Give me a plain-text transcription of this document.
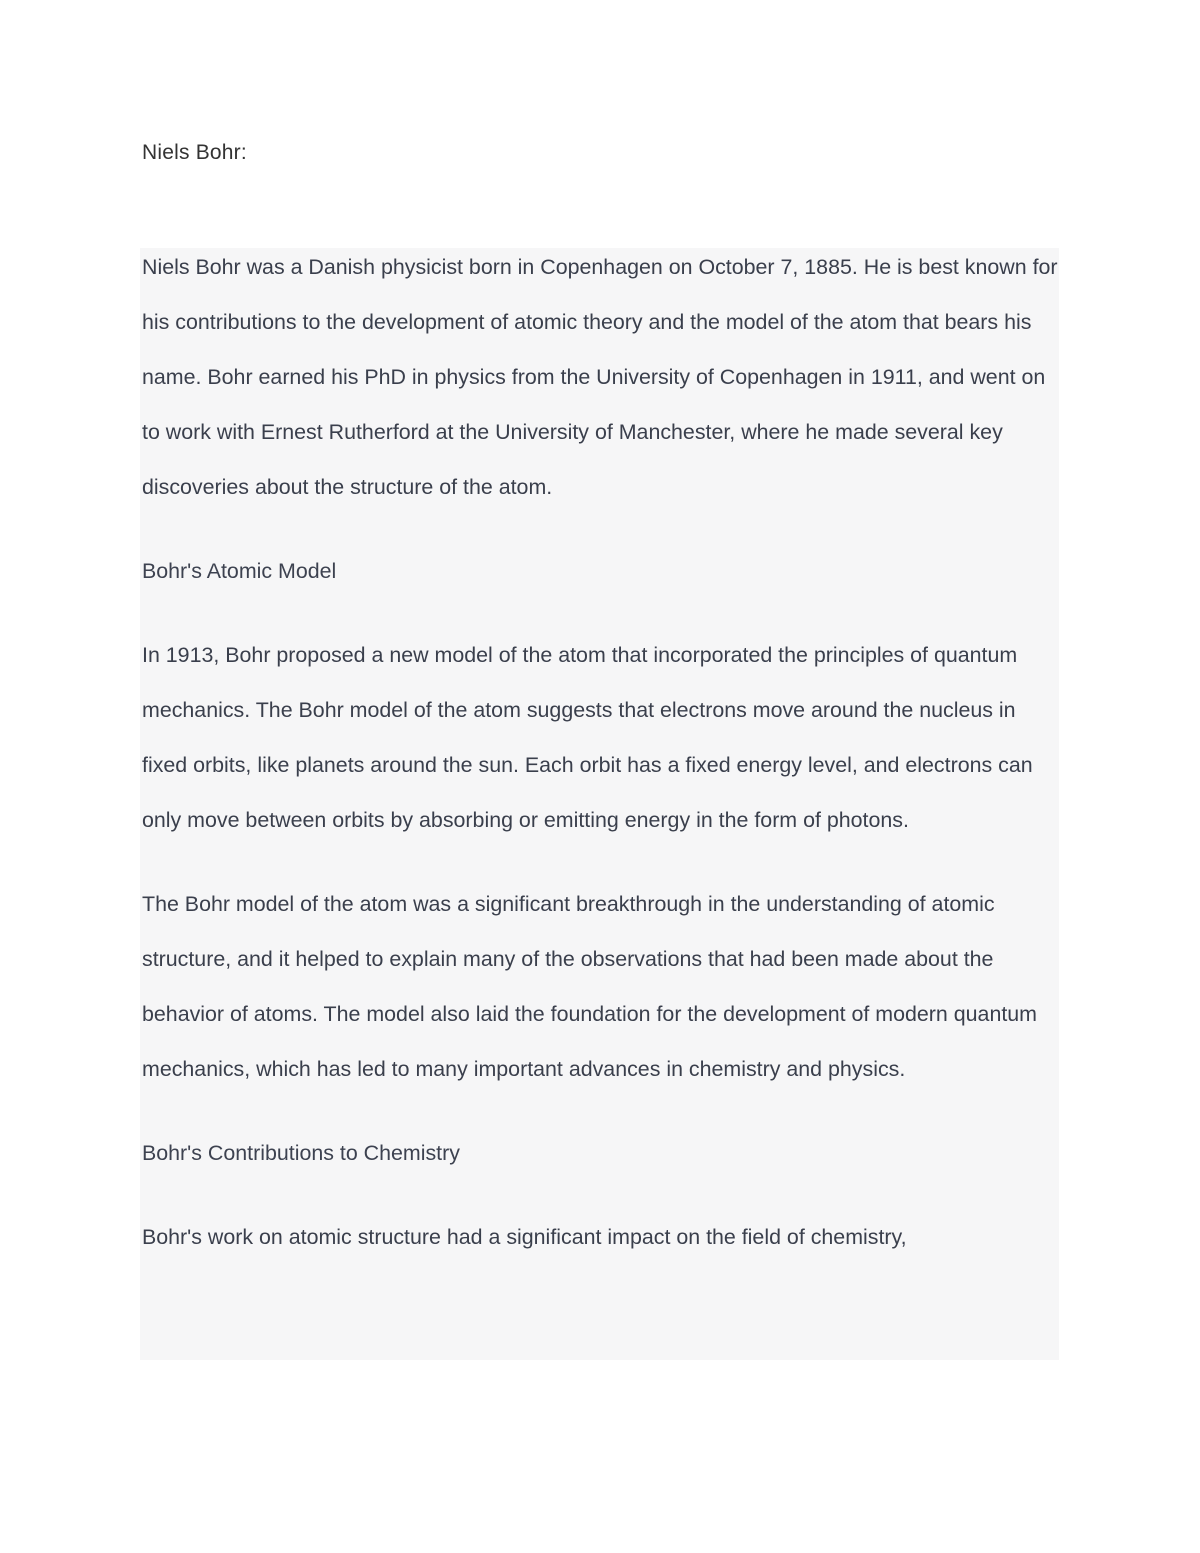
Niels Bohr:

Niels Bohr was a Danish physicist born in Copenhagen on October 7, 1885. He is best known for his contributions to the development of atomic theory and the model of the atom that bears his name. Bohr earned his PhD in physics from the University of Copenhagen in 1911, and went on to work with Ernest Rutherford at the University of Manchester, where he made several key discoveries about the structure of the atom.

Bohr's Atomic Model

In 1913, Bohr proposed a new model of the atom that incorporated the principles of quantum mechanics. The Bohr model of the atom suggests that electrons move around the nucleus in fixed orbits, like planets around the sun. Each orbit has a fixed energy level, and electrons can only move between orbits by absorbing or emitting energy in the form of photons.

The Bohr model of the atom was a significant breakthrough in the understanding of atomic structure, and it helped to explain many of the observations that had been made about the behavior of atoms. The model also laid the foundation for the development of modern quantum mechanics, which has led to many important advances in chemistry and physics.

Bohr's Contributions to Chemistry

Bohr's work on atomic structure had a significant impact on the field of chemistry,
